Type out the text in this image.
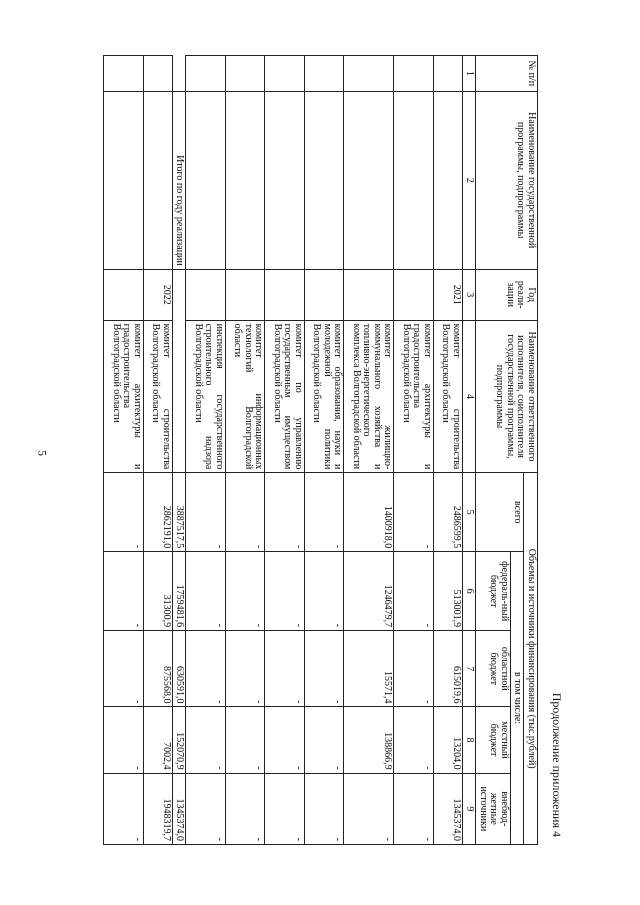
5
Продолжение приложения 4
№ п/п	Наименование государственной программы, подпрограммы	Год реали-зации	Наименование ответственного исполнителя, соисполнителя государственной программы, подпрограммы	Объемы и источники финансирования (тыс.рублей)				
				всего	в том числе:			
					федераль-ный бюджет	областной бюджет	местный бюджет	внебюд-жетные источники
1	2	3	4	5	6	7	8	9
		2021	комитет строительства Волгоградской области	2486599,5	513001,9	615019,6	13204,0	1345374,0
			комитет архитектуры и градостроительства Волгоградской области	-	-	-	-	-
			комитет жилищно-коммунального хозяйства и топливно-энергетического комплекса Волгоградской области	1400918,0	1246479,7	15571,4	138866,9	-
			комитет образования, науки и молодежной политики Волгоградской области	-	-	-	-	-
			комитет по управлению государственным имуществом Волгоградской области	-	-	-	-	-
			комитет информационных технологий Волгоградской области	-	-	-	-	-
			инспекция государственного строительного надзора Волгоградской области	-	-	-	-	-
	Итого по году реализации			3887517,5	1759481,6	630591,0	152070,9	1345374,0
		2022	комитет строительства Волгоградской области	2862191,0	31300,9	875568,0	7002,4	1948319,7
			комитет архитектуры и градостроительства Волгоградской области	-	-	-	-	-
